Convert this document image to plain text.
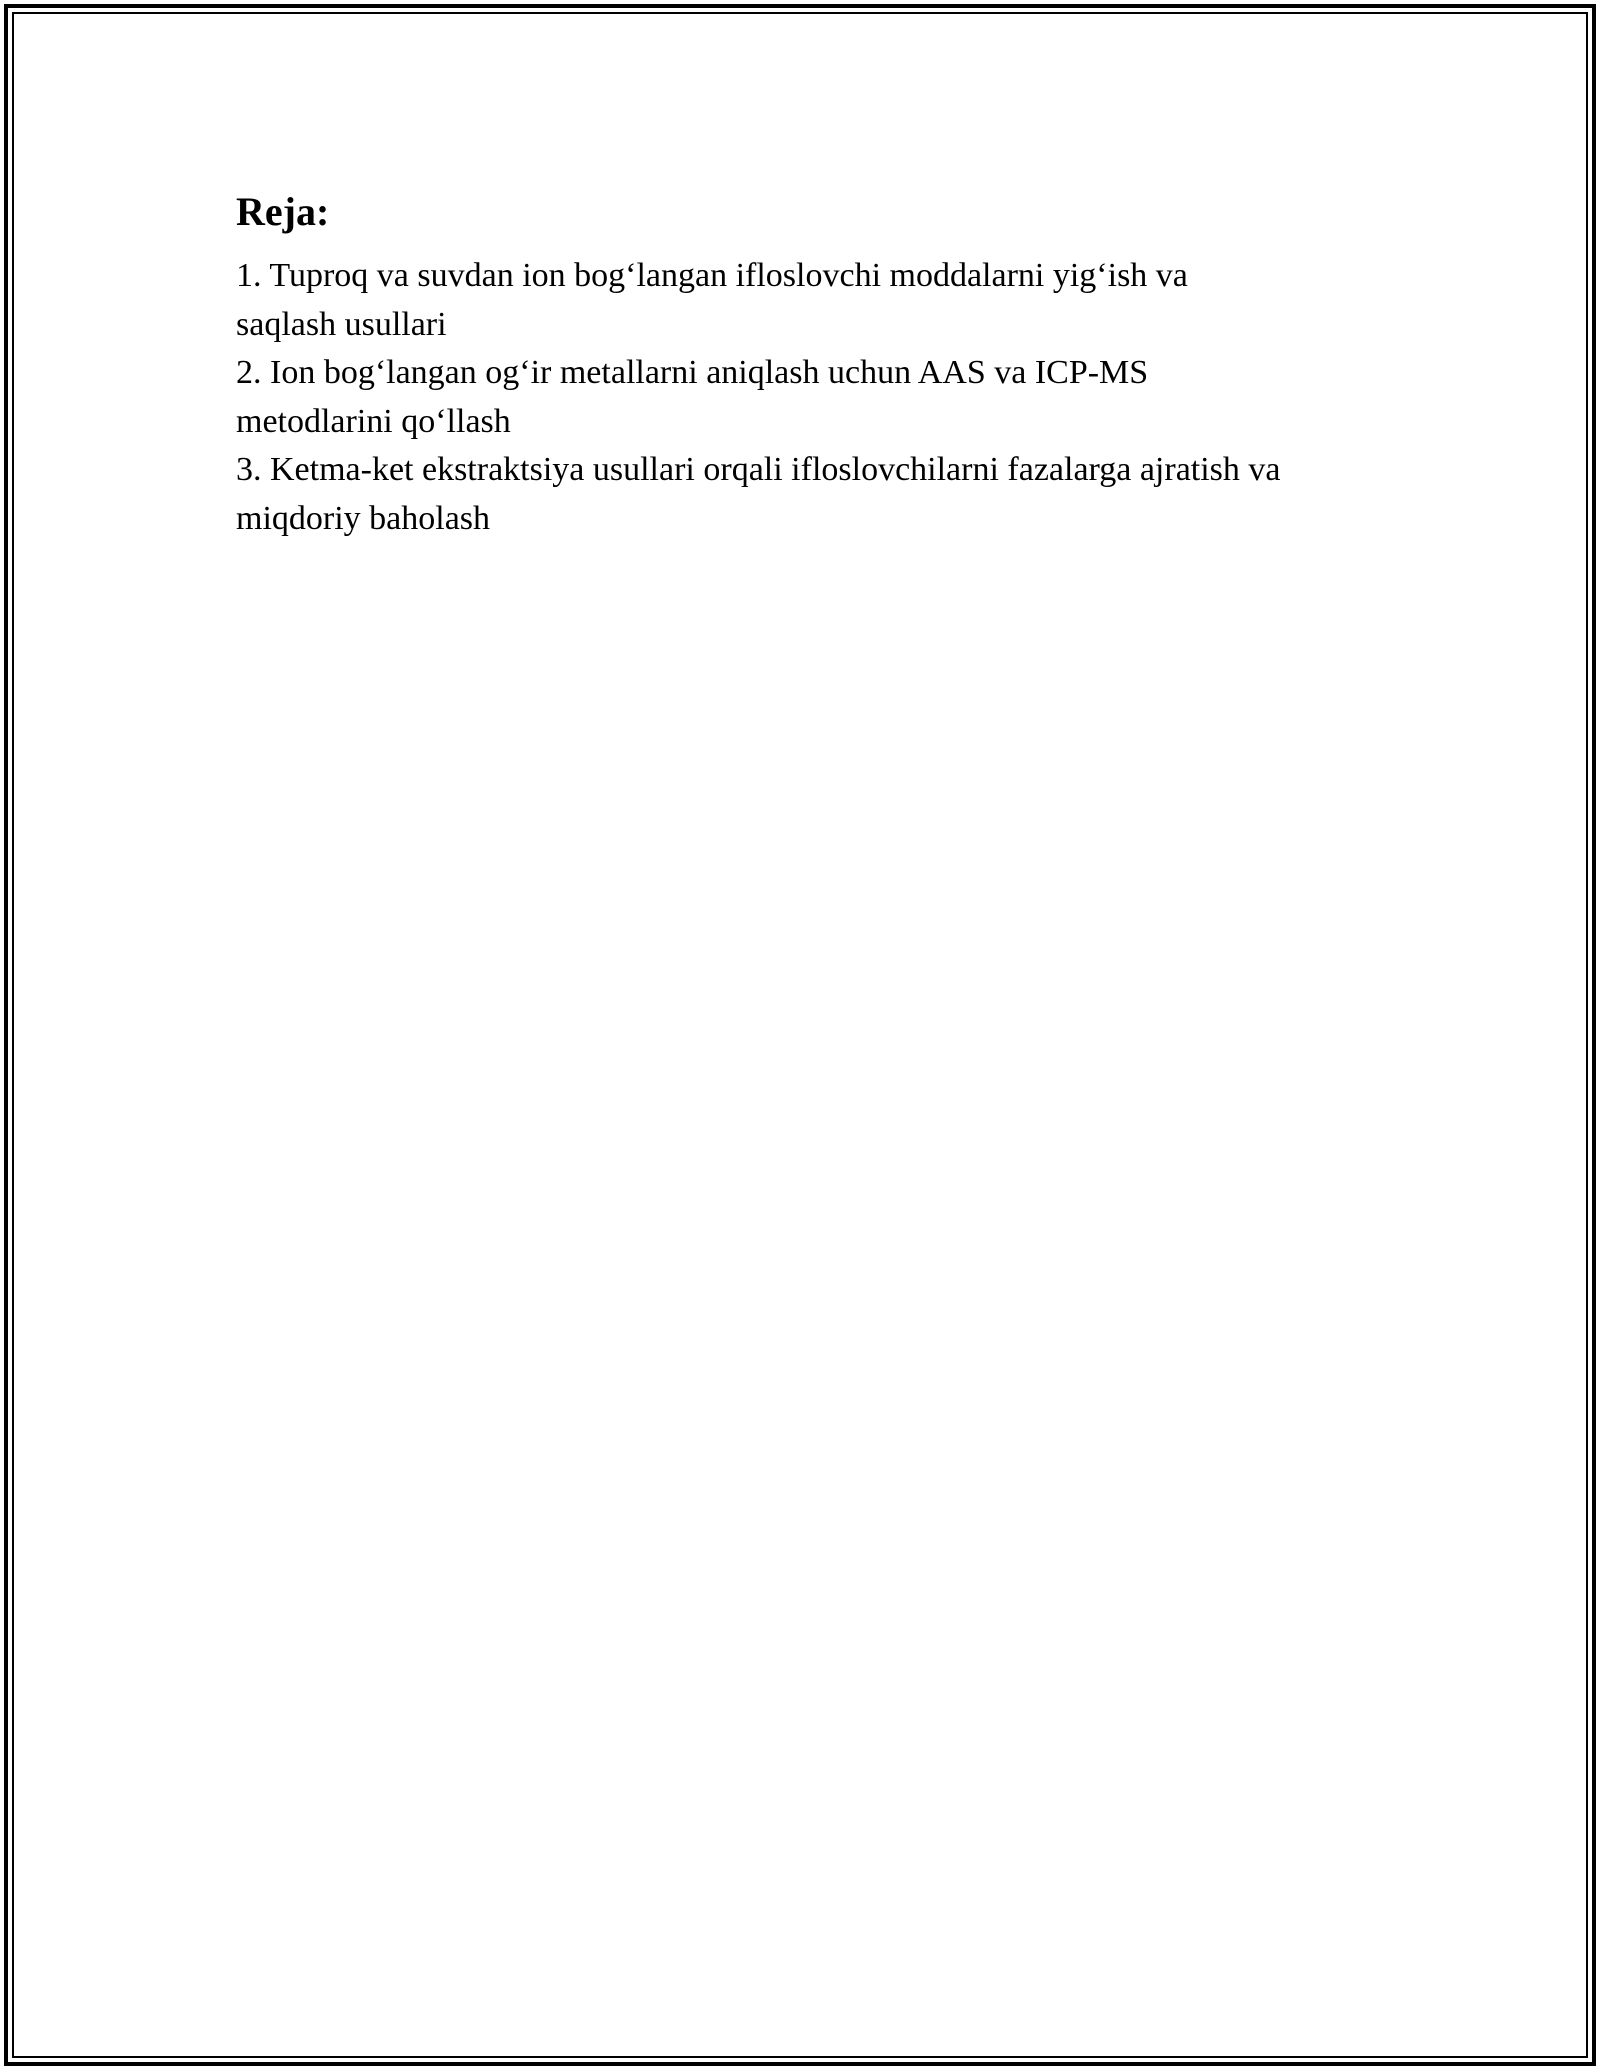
Reja:
1. Tuproq va suvdan ion bog‘langan ifloslovchi moddalarni yig‘ish va
saqlash usullari
2. Ion bog‘langan og‘ir metallarni aniqlash uchun AAS va ICP-MS
metodlarini qo‘llash
3. Ketma-ket ekstraktsiya usullari orqali ifloslovchilarni fazalarga ajratish va
miqdoriy baholash
